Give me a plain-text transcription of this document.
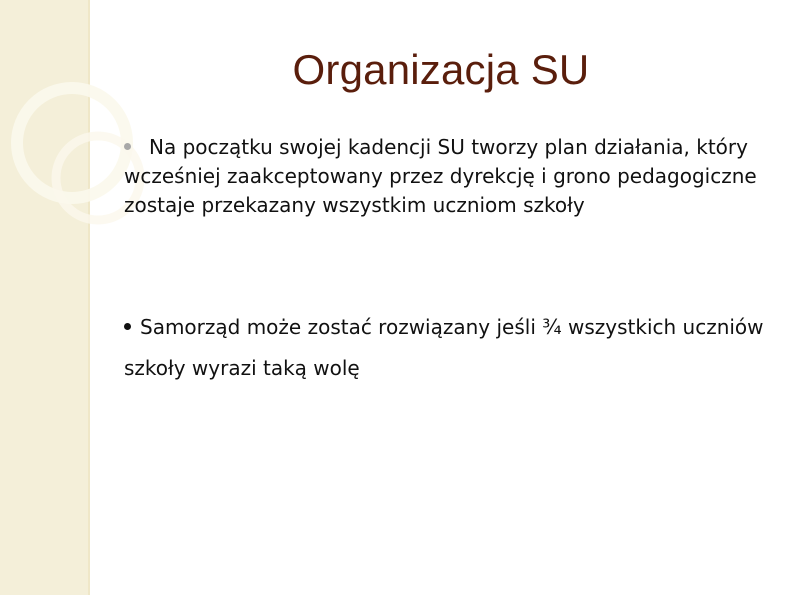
Organizacja SU
Na początku swojej kadencji SU tworzy plan działania, który wcześniej zaakceptowany przez dyrekcję i grono pedagogiczne zostaje przekazany wszystkim uczniom szkoły
Samorząd może zostać rozwiązany jeśli ¾ wszystkich uczniów szkoły wyrazi taką wolę
